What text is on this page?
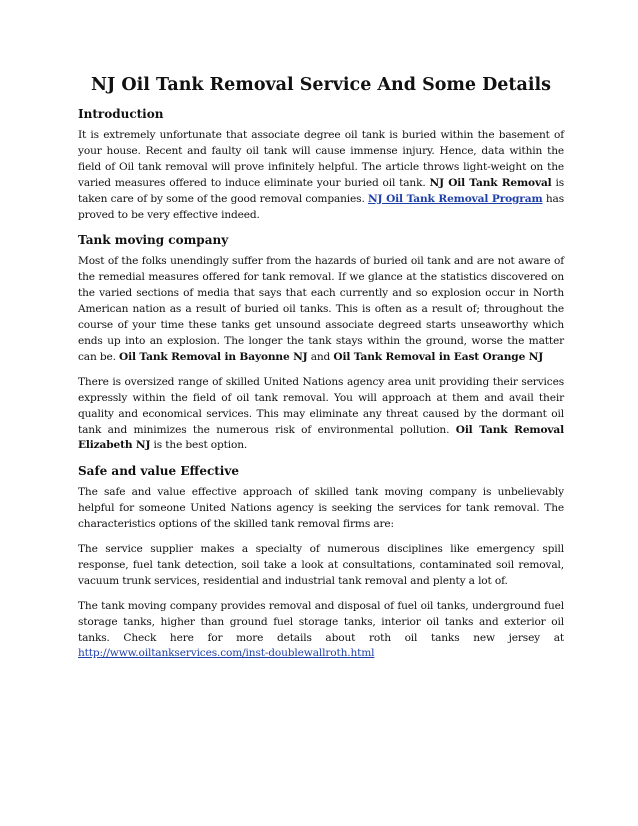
NJ Oil Tank Removal Service And Some Details
Introduction

It is extremely unfortunate that associate degree oil tank is buried within the basement of your house. Recent and faulty oil tank will cause immense injury. Hence, data within the field of Oil tank removal will prove infinitely helpful. The article throws light-weight on the varied measures offered to induce eliminate your buried oil tank. NJ Oil Tank Removal is taken care of by some of the good removal companies. NJ Oil Tank Removal Program has proved to be very effective indeed.

Tank moving company

Most of the folks unendingly suffer from the hazards of buried oil tank and are not aware of the remedial measures offered for tank removal. If we glance at the statistics discovered on the varied sections of media that says that each currently and so explosion occur in North American nation as a result of buried oil tanks. This is often as a result of; throughout the course of your time these tanks get unsound associate degreed starts unseaworthy which ends up into an explosion. The longer the tank stays within the ground, worse the matter can be. Oil Tank Removal in Bayonne NJ and Oil Tank Removal in East Orange NJ

There is oversized range of skilled United Nations agency area unit providing their services expressly within the field of oil tank removal. You will approach at them and avail their quality and economical services. This may eliminate any threat caused by the dormant oil tank and minimizes the numerous risk of environmental pollution. Oil Tank Removal Elizabeth NJ is the best option.

Safe and value Effective

The safe and value effective approach of skilled tank moving company is unbelievably helpful for someone United Nations agency is seeking the services for tank removal. The characteristics options of the skilled tank removal firms are:

The service supplier makes a specialty of numerous disciplines like emergency spill response, fuel tank detection, soil take a look at consultations, contaminated soil removal, vacuum trunk services, residential and industrial tank removal and plenty a lot of.

The tank moving company provides removal and disposal of fuel oil tanks, underground fuel storage tanks, higher than ground fuel storage tanks, interior oil tanks and exterior oil tanks. Check here for more details about roth oil tanks new jersey at http://www.oiltankservices.com/inst-doublewallroth.html
